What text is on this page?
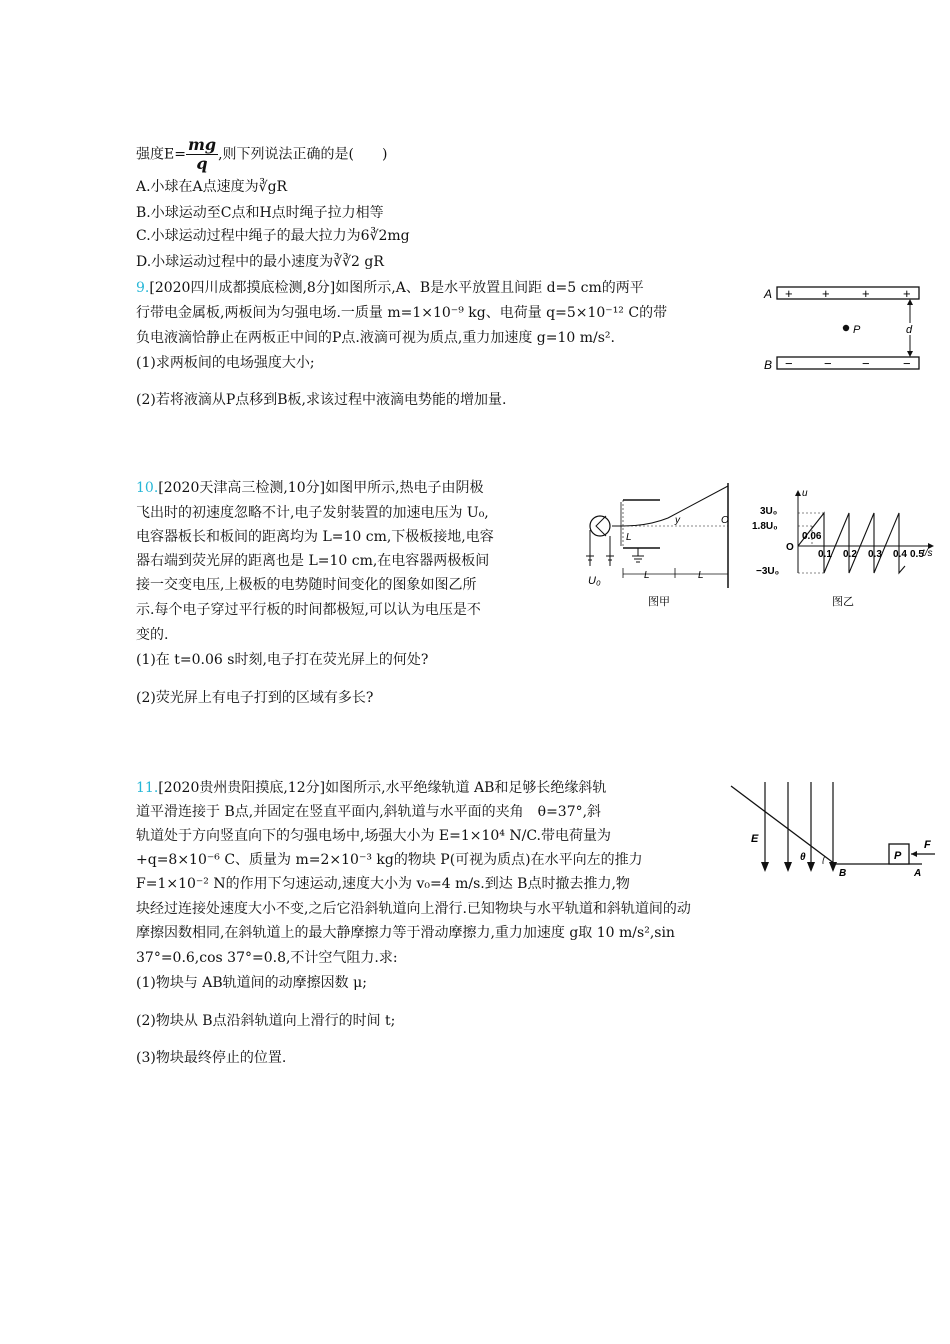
强度$E= \frac{mg}{q}$ ,则下列说法正确的是(　　)
A.小球在A点速度为∛gR
B.小球运动至C点和H点时绳子拉力相等
C.小球运动过程中绳子的最大拉力为6∛2mg
D.小球运动过程中的最小速度为∛∛2 gR
9.[2020四川成都摸底检测,8分]如图所示,A、B是水平放置且间距 d=5 cm的两平
行带电金属板,两板间为匀强电场.一质量 m=1×10⁻⁹ kg、电荷量 q=5×10⁻¹² C的带
负电液滴恰静止在两板正中间的P点.液滴可视为质点,重力加速度 g=10 m/s².
(1)求两板间的电场强度大小;
(2)若将液滴从P点移到B板,求该过程中液滴电势能的增加量.
A
B
+ + +	+
− − −	−
P	d
10.[2020天津高三检测,10分]如图甲所示,热电子由阴极
飞出时的初速度忽略不计,电子发射装置的加速电压为 U₀,
电容器板长和板间的距离均为 L=10 cm,下极板接地,电容
器右端到荧光屏的距离也是 L=10 cm,在电容器两极板间
接一交变电压,上极板的电势随时间变化的图象如图乙所
示.每个电子穿过平行板的时间都极短,可以认为电压是不
变的.
(1)在 t=0.06 s时刻,电子打在荧光屏上的何处?
(2)荧光屏上有电子打到的区域有多长?
U₀
O
y
L
L	L
图甲
u
t/s
3U₀
1.8U₀
O
−3U₀
0.06
0.1 0.2 0.3 0.4 0.5
图乙
11.[2020贵州贵阳摸底,12分]如图所示,水平绝缘轨道 AB和足够长绝缘斜轨
道平滑连接于 B点,并固定在竖直平面内,斜轨道与水平面的夹角　θ=37°,斜
轨道处于方向竖直向下的匀强电场中,场强大小为 E=1×10⁴ N/C.带电荷量为
+q=8×10⁻⁶ C、质量为 m=2×10⁻³ kg的物块 P(可视为质点)在水平向左的推力
F=1×10⁻² N的作用下匀速运动,速度大小为 v₀=4 m/s.到达 B点时撤去推力,物
块经过连接处速度大小不变,之后它沿斜轨道向上滑行.已知物块与水平轨道和斜轨道间的动
摩擦因数相同,在斜轨道上的最大静摩擦力等于滑动摩擦力,重力加速度 g取 10 m/s²,sin
37°=0.6,cos 37°=0.8,不计空气阻力.求:
(1)物块与 AB轨道间的动摩擦因数 μ;
(2)物块从 B点沿斜轨道向上滑行的时间 t;
(3)物块最终停止的位置.
E
θ
B
P
F
A
